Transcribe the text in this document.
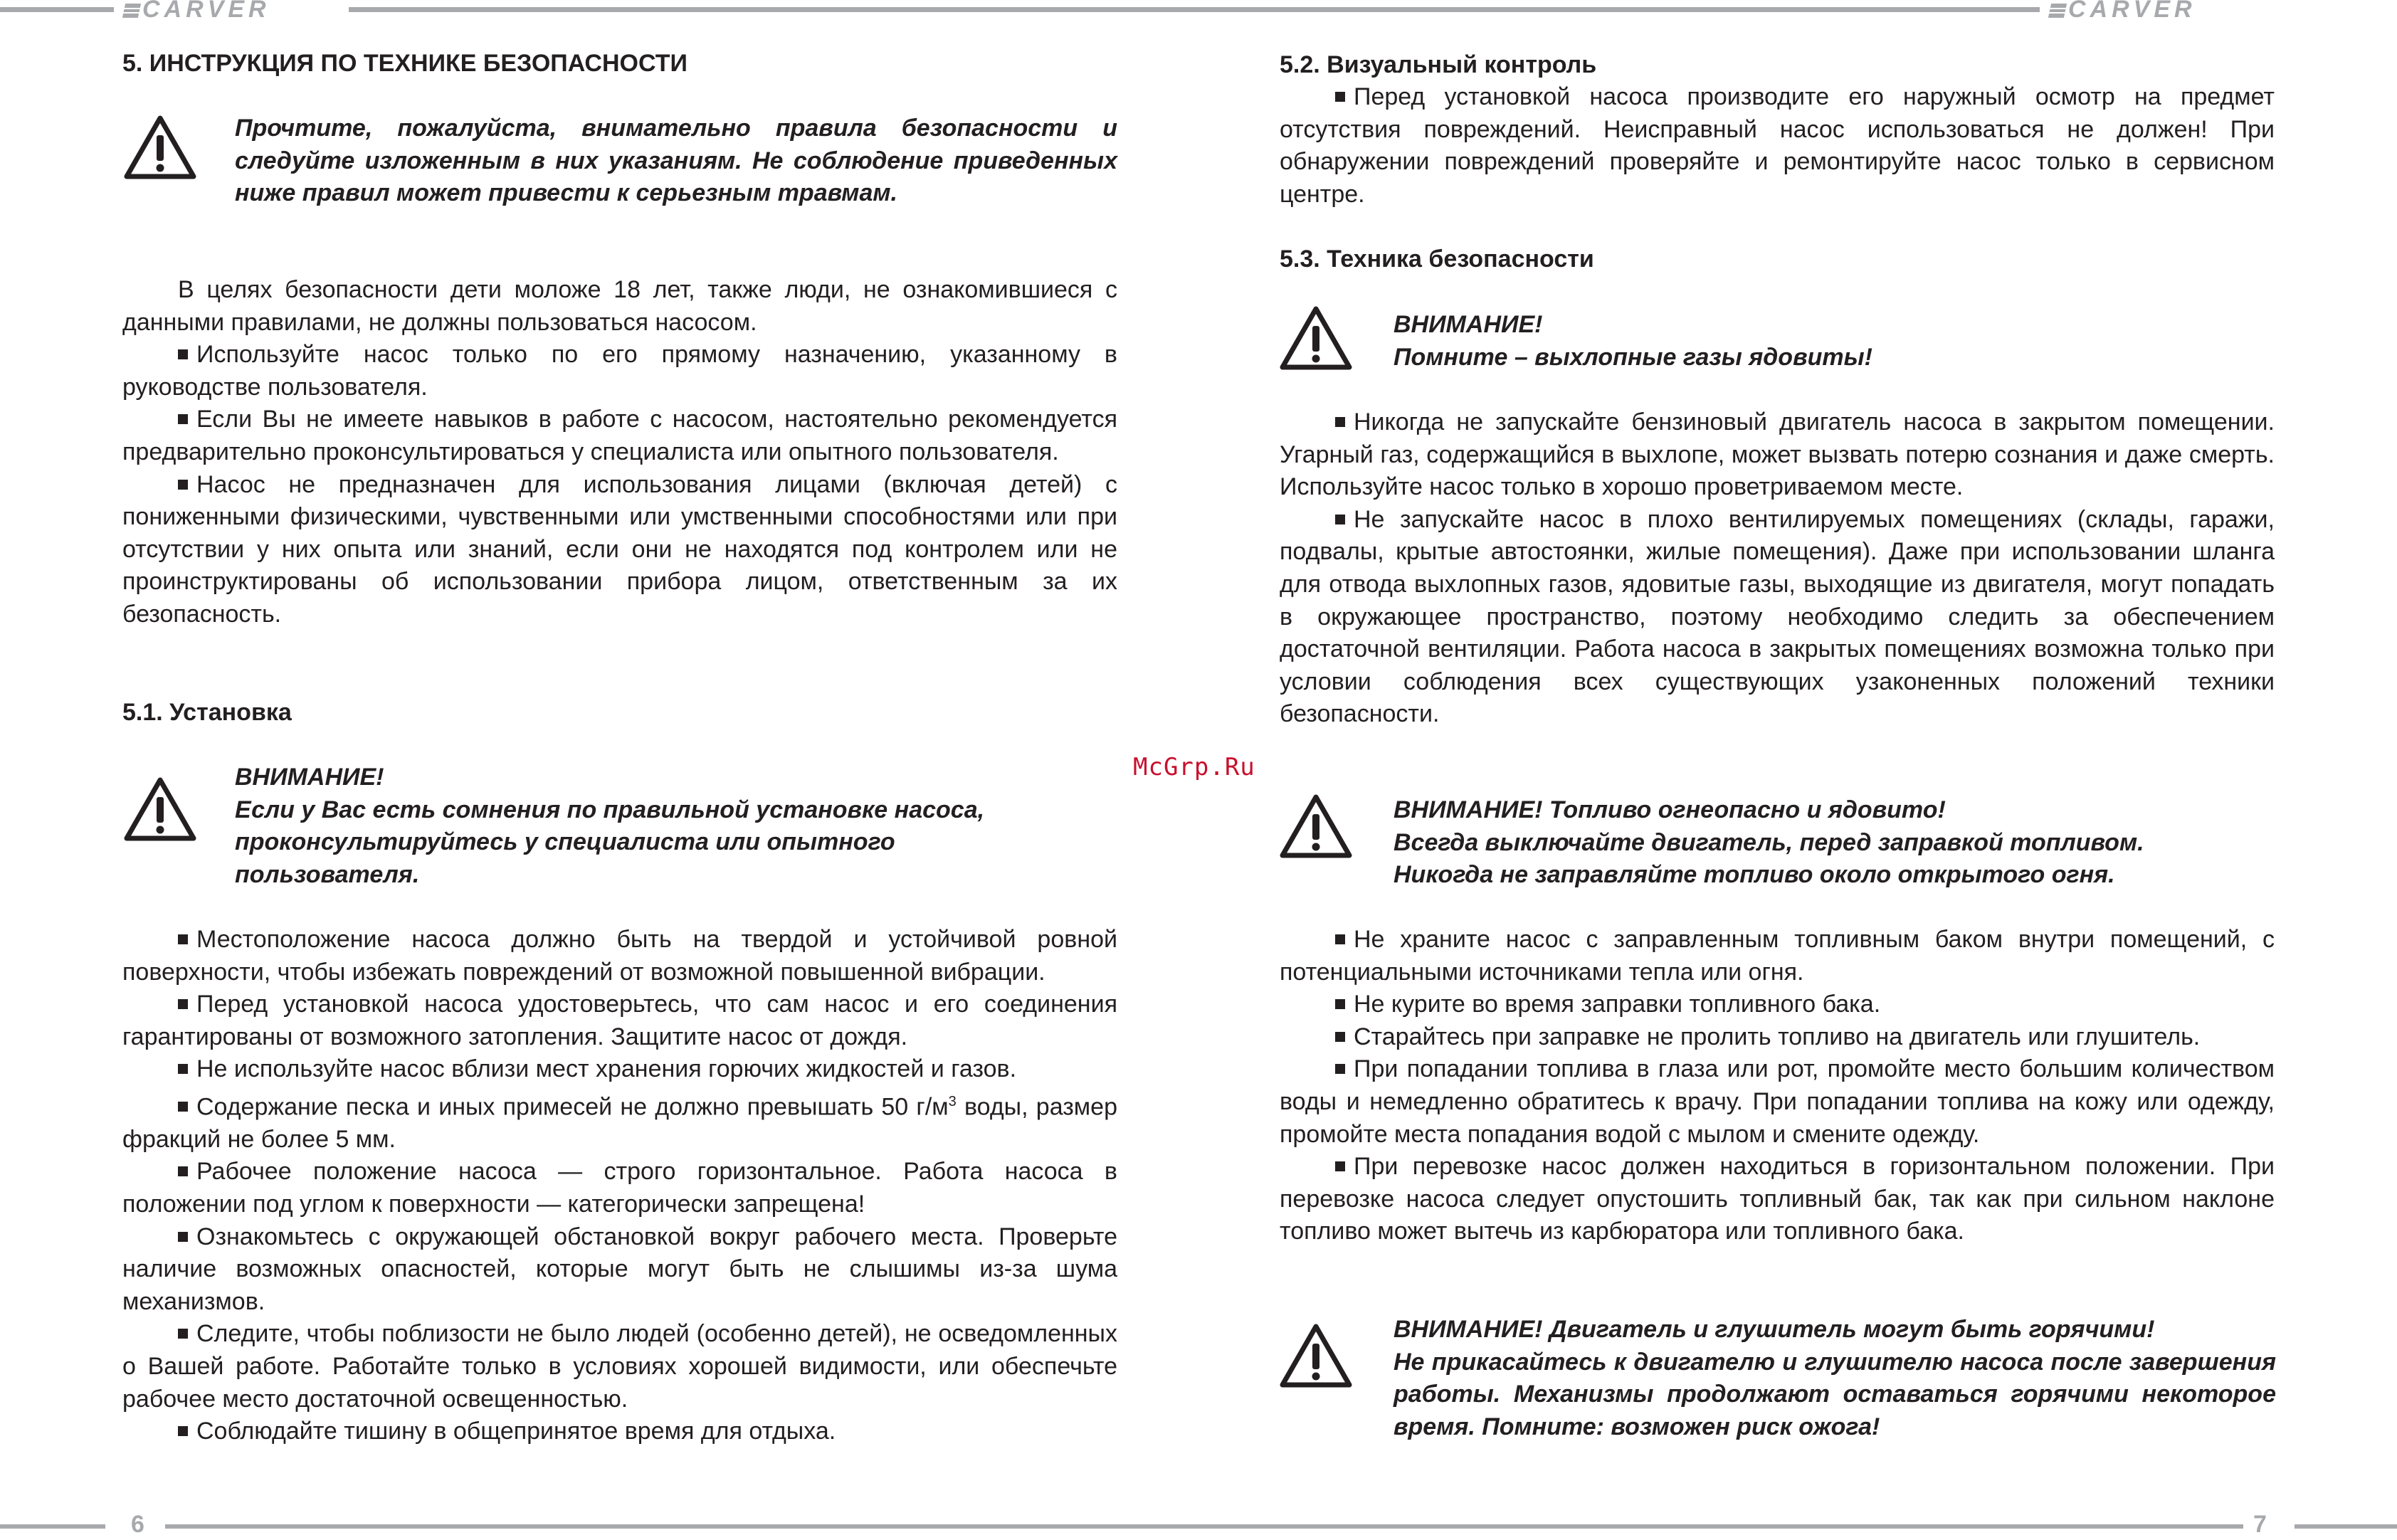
CARVER
5. ИНСТРУКЦИЯ ПО ТЕХНИКЕ БЕЗОПАСНОСТИ
Прочтите, пожалуйста, внимательно правила безопасности и следуйте изложенным в них указаниям. Не соблюдение приведенных ниже правил может привести к серьезным травмам.

В целях безопасности дети моложе 18 лет, также люди, не ознакомившиеся с данными правилами, не должны пользоваться насосом.

Используйте насос только по его прямому назначению, указанному в руководстве пользователя.

Если Вы не имеете навыков в работе с насосом, настоятельно рекомендуется предварительно проконсультироваться у специалиста или опытного пользователя.

Насос не предназначен для использования лицами (включая детей) с пониженными физическими, чувственными или умственными способностями или при отсутствии у них опыта или знаний, если они не находятся под контролем или не проинструктированы об использовании прибора лицом, ответственным за их безопасность.

5.1. Установка
ВНИМАНИЕ!
Если у Вас есть сомнения по правильной установке насоса,
проконсультируйтесь у специалиста или опытного
пользователя.

Местоположение насоса должно быть на твердой и устойчивой ровной поверхности, чтобы избежать повреждений от возможной повышенной вибрации.

Перед установкой насоса удостоверьтесь, что сам насос и его соединения гарантированы от возможного затопления. Защитите насос от дождя.

Не используйте насос вблизи мест хранения горючих жидкостей и газов.

Содержание песка и иных примесей не должно превышать 50 $г/м^3$ воды, размер фракций не более 5 мм.

Рабочее положение насоса — строго горизонтальное. Работа насоса в положении под углом к поверхности — категорически запрещена!

Ознакомьтесь с окружающей обстановкой вокруг рабочего места. Проверьте наличие возможных опасностей, которые могут быть не слышимы из-за шума механизмов.

Следите, чтобы поблизости не было людей (особенно детей), не осведомленных о Вашей работе. Работайте только в условиях хорошей видимости, или обеспечьте рабочее место достаточной освещенностью.

Соблюдайте тишину в общепринятое время для отдыха.

6
CARVER
5.2. Визуальный контроль

Перед установкой насоса производите его наружный осмотр на предмет отсутствия повреждений. Неисправный насос использоваться не должен! При обнаружении повреждений проверяйте и ремонтируйте насос только в сервисном центре.

5.3. Техника безопасности
ВНИМАНИЕ!
Помните – выхлопные газы ядовиты!

Никогда не запускайте бензиновый двигатель насоса в закрытом помещении. Угарный газ, содержащийся в выхлопе, может вызвать потерю сознания и даже смерть. Используйте насос только в хорошо проветриваемом месте.

Не запускайте насос в плохо вентилируемых помещениях (склады, гаражи, подвалы, крытые автостоянки, жилые помещения). Даже при использовании шланга для отвода выхлопных газов, ядовитые газы, выходящие из двигателя, могут попадать в окружающее пространство, поэтому необходимо следить за обеспечением достаточной вентиляции. Работа насоса в закрытых помещениях возможна только при условии соблюдения всех существующих узаконенных положений техники безопасности.

ВНИМАНИЕ! Топливо огнеопасно и ядовито!
Всегда выключайте двигатель, перед заправкой топливом.
Никогда не заправляйте топливо около открытого огня.

Не храните насос с заправленным топливным баком внутри помещений, с потенциальными источниками тепла или огня.

Не курите во время заправки топливного бака.

Старайтесь при заправке не пролить топливо на двигатель или глушитель.

При попадании топлива в глаза или рот, промойте место большим количеством воды и немедленно обратитесь к врачу. При попадании топлива на кожу или одежду, промойте места попадания водой с мылом и смените одежду.

При перевозке насос должен находиться в горизонтальном положении. При перевозке насоса следует опустошить топливный бак, так как при сильном наклоне топливо может вытечь из карбюратора или топливного бака.

ВНИМАНИЕ! Двигатель и глушитель могут быть горячими!
Не прикасайтесь к двигателю и глушителю насоса после завершения работы. Механизмы продолжают оставаться горячими некоторое время. Помните: возможен риск ожога!
7
McGrp.Ru
